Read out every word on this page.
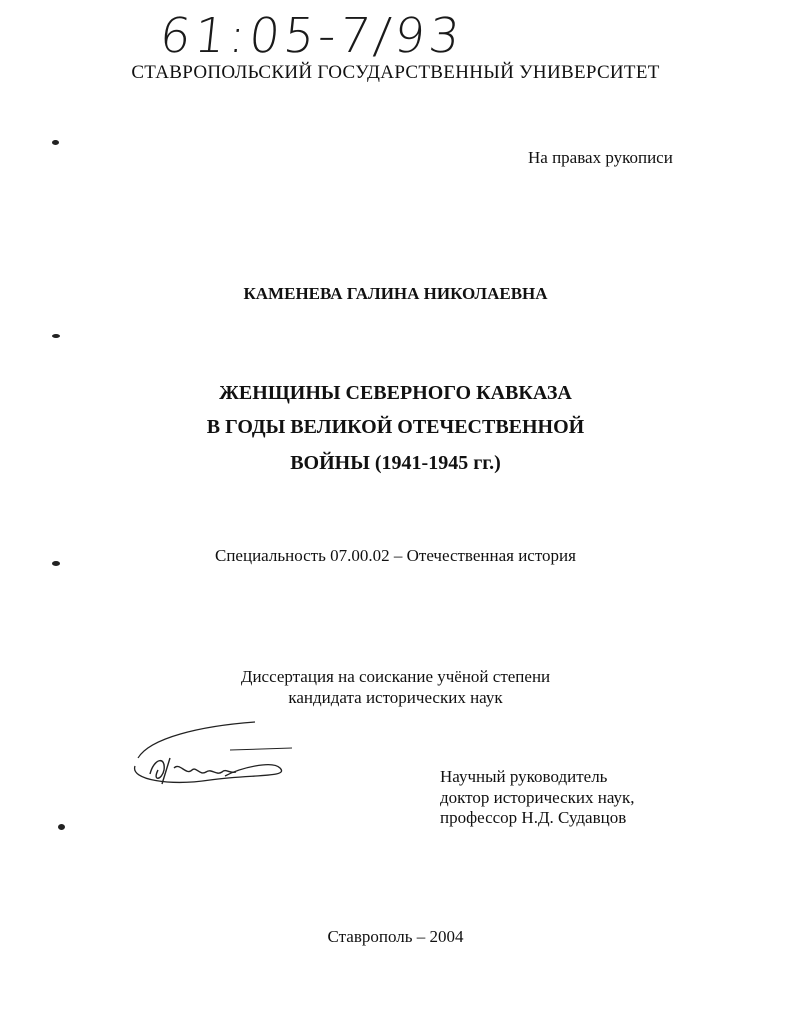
61:05-7/93
СТАВРОПОЛЬСКИЙ ГОСУДАРСТВЕННЫЙ УНИВЕРСИТЕТ
На правах рукописи
КАМЕНЕВА ГАЛИНА НИКОЛАЕВНА
ЖЕНЩИНЫ СЕВЕРНОГО КАВКАЗА
В ГОДЫ ВЕЛИКОЙ ОТЕЧЕСТВЕННОЙ
ВОЙНЫ (1941-1945 гг.)
Специальность 07.00.02 – Отечественная история
Диссертация на соискание учёной степени
кандидата исторических наук
Научный руководитель
доктор исторических наук,
профессор Н.Д. Судавцов
Ставрополь – 2004
